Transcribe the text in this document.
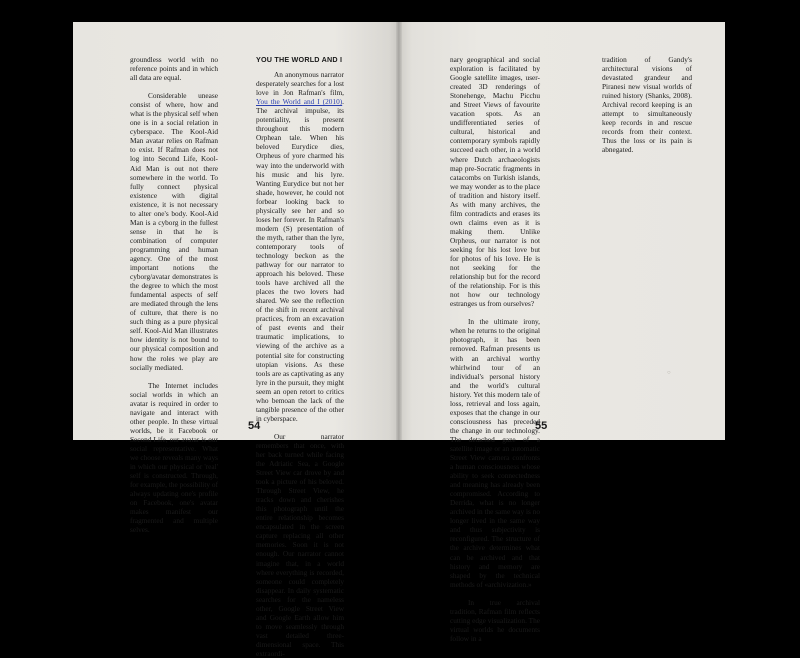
groundless world with no reference points and in which all data are equal.

Considerable unease consist of where, how and what is the physical self when one is in a social relation in cyberspace. The Kool-Aid Man avatar relies on Rafman to exist. If Rafman does not log into Second Life, Kool-Aid Man is out not there somewhere in the world. To fully connect physical existence with digital existence, it is not necessary to alter one's body. Kool-Aid Man is a cyborg in the fullest sense in that he is combination of computer programming and human agency. One of the most important notions the cyborg/avatar demonstrates is the degree to which the most fundamental aspects of self are mediated through the lens of culture, that there is no such thing as a pure physical self. Kool-Aid Man illustrates how identity is not bound to our physical composition and how the roles we play are socially mediated.

The Internet includes social worlds in which an avatar is required in order to navigate and interact with other people. In these virtual worlds, be it Facebook or Second Life, our avatar is our social representative. What we choose reveals many ways in which our physical or 'real' self is constructed. Through, for example, the possibility of always updating one's profile on Facebook, one's avatar makes manifest our fragmented and multiple selves.

YOU THE WORLD AND I

An anonymous narrator desperately searches for a lost love in Jon Rafman's film, You the World and I (2010). The archival impulse, its potentiality, is present throughout this modern Orphean tale. When his beloved Eurydice dies, Orpheus of yore charmed his way into the underworld with his music and his lyre. Wanting Eurydice but not her shade, however, he could not forbear looking back to physically see her and so loses her forever. In Rafman's modern (S) presentation of the myth, rather than the lyre, contemporary tools of technology beckon as the pathway for our narrator to approach his beloved. These tools have archived all the places the two lovers had shared. We see the reflection of the shift in recent archival practices, from an excavation of past events and their traumatic implications, to viewing of the archive as a potential site for constructing utopian visions. As these tools are as captivating as any lyre in the pursuit, they might seem an open retort to critics who bemoan the lack of the tangible presence of the other in cyberspace.

Our narrator remembers that once, with her back turned while facing the Adriatic Sea, a Google Street View car drove by and took a picture of his beloved. Through Street View, he tracks down and cherishes this photograph until the entire relationship becomes encapsulated in the screen capture replacing all other memories. Soon it is not enough. Our narrator cannot imagine that, in a world where everything is recorded, someone could completely disappear. In daily systematic searches for the nameless other, Google Street View and Google Earth allow him to move seamlessly through vast detailed three-dimensional space. This extraordi-

nary geographical and social exploration is facilitated by Google satellite images, user-created 3D renderings of Stonehenge, Machu Picchu and Street Views of favourite vacation spots. As an undifferentiated series of cultural, historical and contemporary symbols rapidly succeed each other, in a world where Dutch archaeologists map pre-Socratic fragments in catacombs on Turkish islands, we may wonder as to the place of tradition and history itself. As with many archives, the film contradicts and erases its own claims even as it is making them. Unlike Orpheus, our narrator is not seeking for his lost love but for photos of his love. He is not seeking for the relationship but for the record of the relationship. For is this not how our technology estranges us from ourselves?

In the ultimate irony, when he returns to the original photograph, it has been removed. Rafman presents us with an archival worthy whirlwind tour of an individual's personal history and the world's cultural history. Yet this modern tale of loss, retrieval and loss again, exposes that the change in our consciousness has preceded the change in our technology. The detached gaze of a satellite image or an automatic Street View camera confronts a human consciousness whose ability to seek connectedness and meaning has already been compromised. According to Derrida, what is no longer archived in the same way is no longer lived in the same way and thus subjectivity is reconfigured. The structure of the archive determines what can be archived and that history and memory are shaped by the technical methods of «archivization.»

In true archival tradition, Rafman film reflects cutting edge visualization. The virtual worlds he documents follow in a

tradition of Gandy's architectural visions of devastated grandeur and Piranesi new visual worlds of ruined history (Shanks, 2008). Archival record keeping is an attempt to simultaneously keep records in and rescue records from their context. Thus the loss or its pain is abnegated.

54	55
○
